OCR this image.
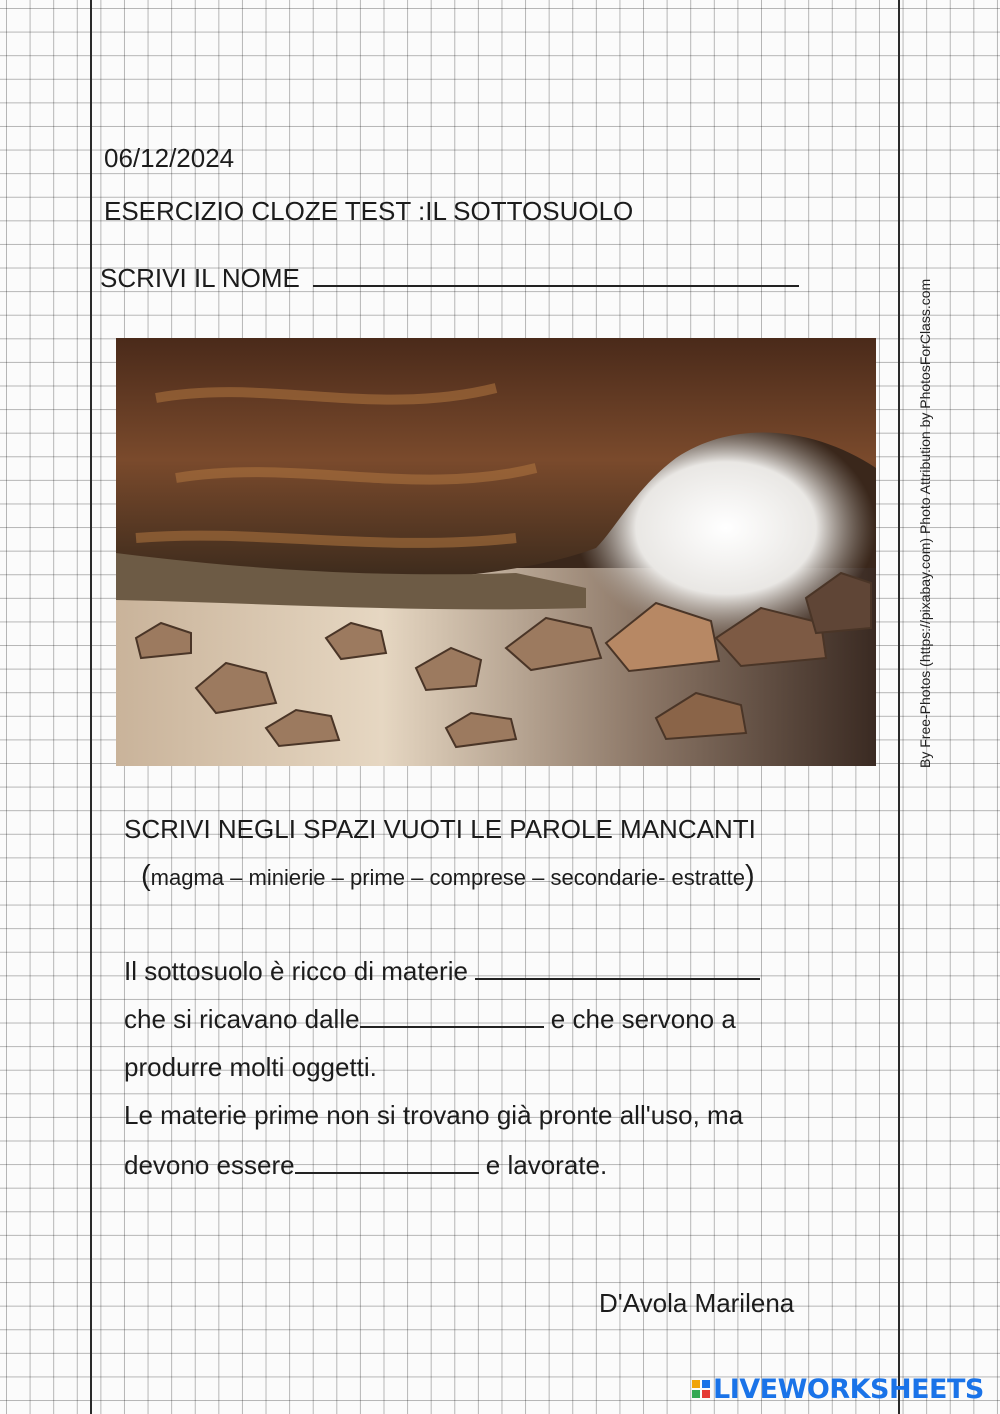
06/12/2024
ESERCIZIO CLOZE TEST :IL SOTTOSUOLO
SCRIVI IL NOME
By Free-Photos (https://pixabay.com) Photo Attribution by PhotosForClass.com
SCRIVI NEGLI SPAZI VUOTI LE PAROLE MANCANTI
(magma – minierie – prime – comprese – secondarie- estratte)
Il sottosuolo è ricco di materie
che si ricavano dalle	e che servono a
produrre molti oggetti.
Le materie prime non si trovano già pronte all'uso, ma
devono essere	e lavorate.
D'Avola Marilena
LIVEWORKSHEETS
